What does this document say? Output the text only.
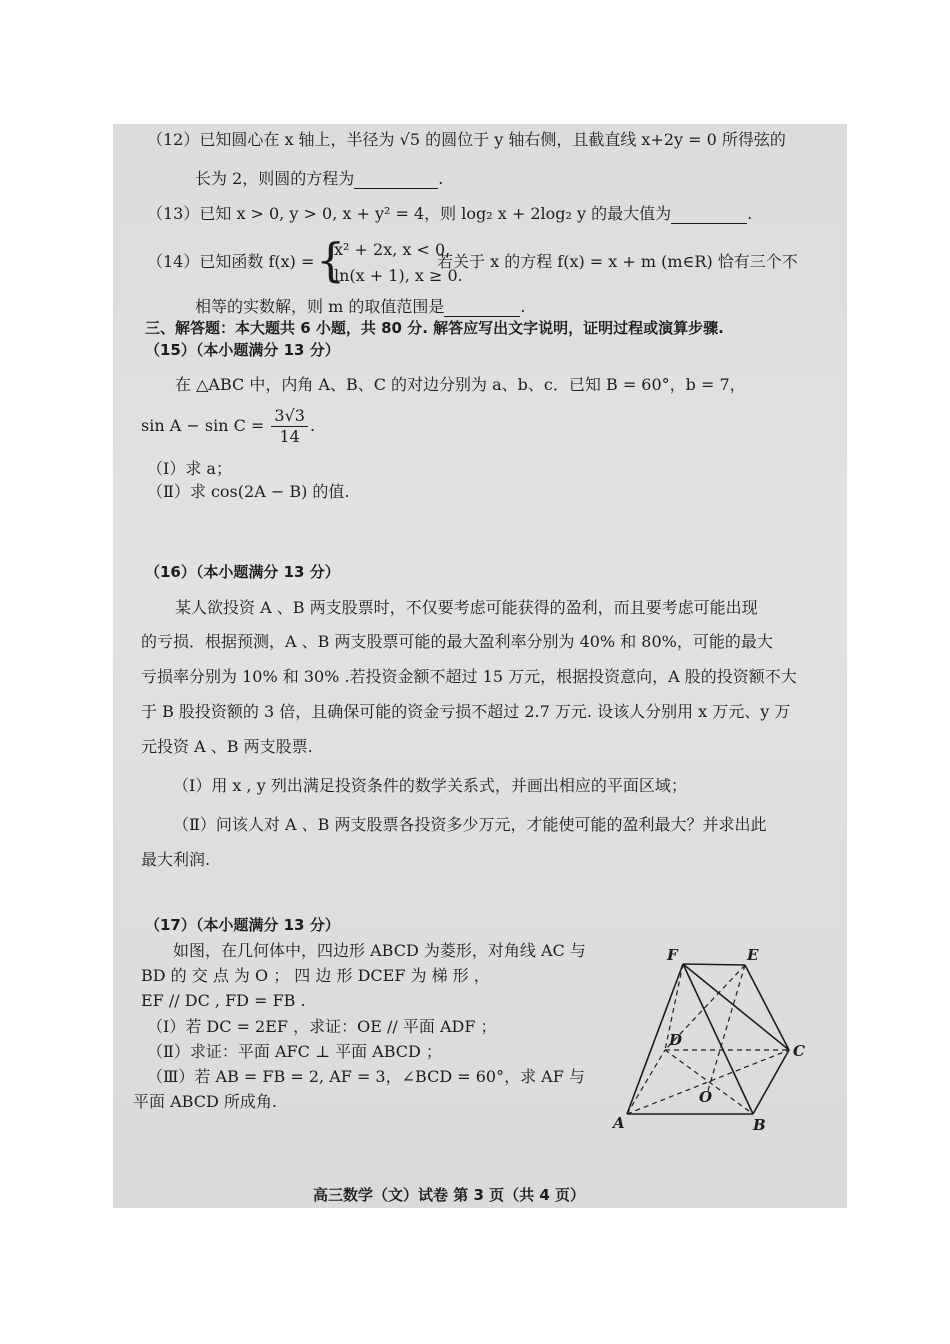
（12）已知圆心在 x 轴上，半径为 √5 的圆位于 y 轴右侧，且截直线 x+2y = 0 所得弦的
长为 2，则圆的方程为	.
（13）已知 x > 0, y > 0, x + y² = 4，则 log₂ x + 2log₂ y 的最大值为	.
（14）已知函数 f(x) = {
x² + 2x, x < 0,
ln(x + 1), x ≥ 0.
若关于 x 的方程 f(x) = x + m (m∈R) 恰有三个不
相等的实数解，则 m 的取值范围是	.
三、解答题：本大题共 6 小题，共 80 分. 解答应写出文字说明，证明过程或演算步骤.
（15）（本小题满分 13 分）
在 △ABC 中，内角 A、B、C 的对边分别为 a、b、c．已知 B = 60°，b = 7，
$\sin A - \sin C = \frac{3√3}{14}$ .
（Ⅰ）求 a；
（Ⅱ）求 cos(2A − B) 的值.
（16）（本小题满分 13 分）
某人欲投资 A 、B 两支股票时，不仅要考虑可能获得的盈利，而且要考虑可能出现
的亏损．根据预测，A 、B 两支股票可能的最大盈利率分别为 40% 和 80%，可能的最大
亏损率分别为 10% 和 30% .若投资金额不超过 15 万元，根据投资意向，A 股的投资额不大
于 B 股投资额的 3 倍，且确保可能的资金亏损不超过 2.7 万元. 设该人分别用 x 万元、y 万
元投资 A 、B 两支股票.
（Ⅰ）用 x , y 列出满足投资条件的数学关系式，并画出相应的平面区域；
（Ⅱ）问该人对 A 、B 两支股票各投资多少万元，才能使可能的盈利最大？并求出此
最大利润.
（17）（本小题满分 13 分）
如图，在几何体中，四边形 ABCD 为菱形，对角线 AC 与
BD 的 交 点 为 O ； 四 边 形 DCEF 为 梯 形 ，
EF // DC , FD = FB .
（Ⅰ）若 DC = 2EF ，求证：OE // 平面 ADF ；
（Ⅱ）求证：平面 AFC ⊥ 平面 ABCD ；
（Ⅲ）若 AB = FB = 2, AF = 3，∠BCD = 60°，求 AF 与
平面 ABCD 所成角.
F	E
D
C
O
A	B
高三数学（文）试卷 第 3 页（共 4 页）
